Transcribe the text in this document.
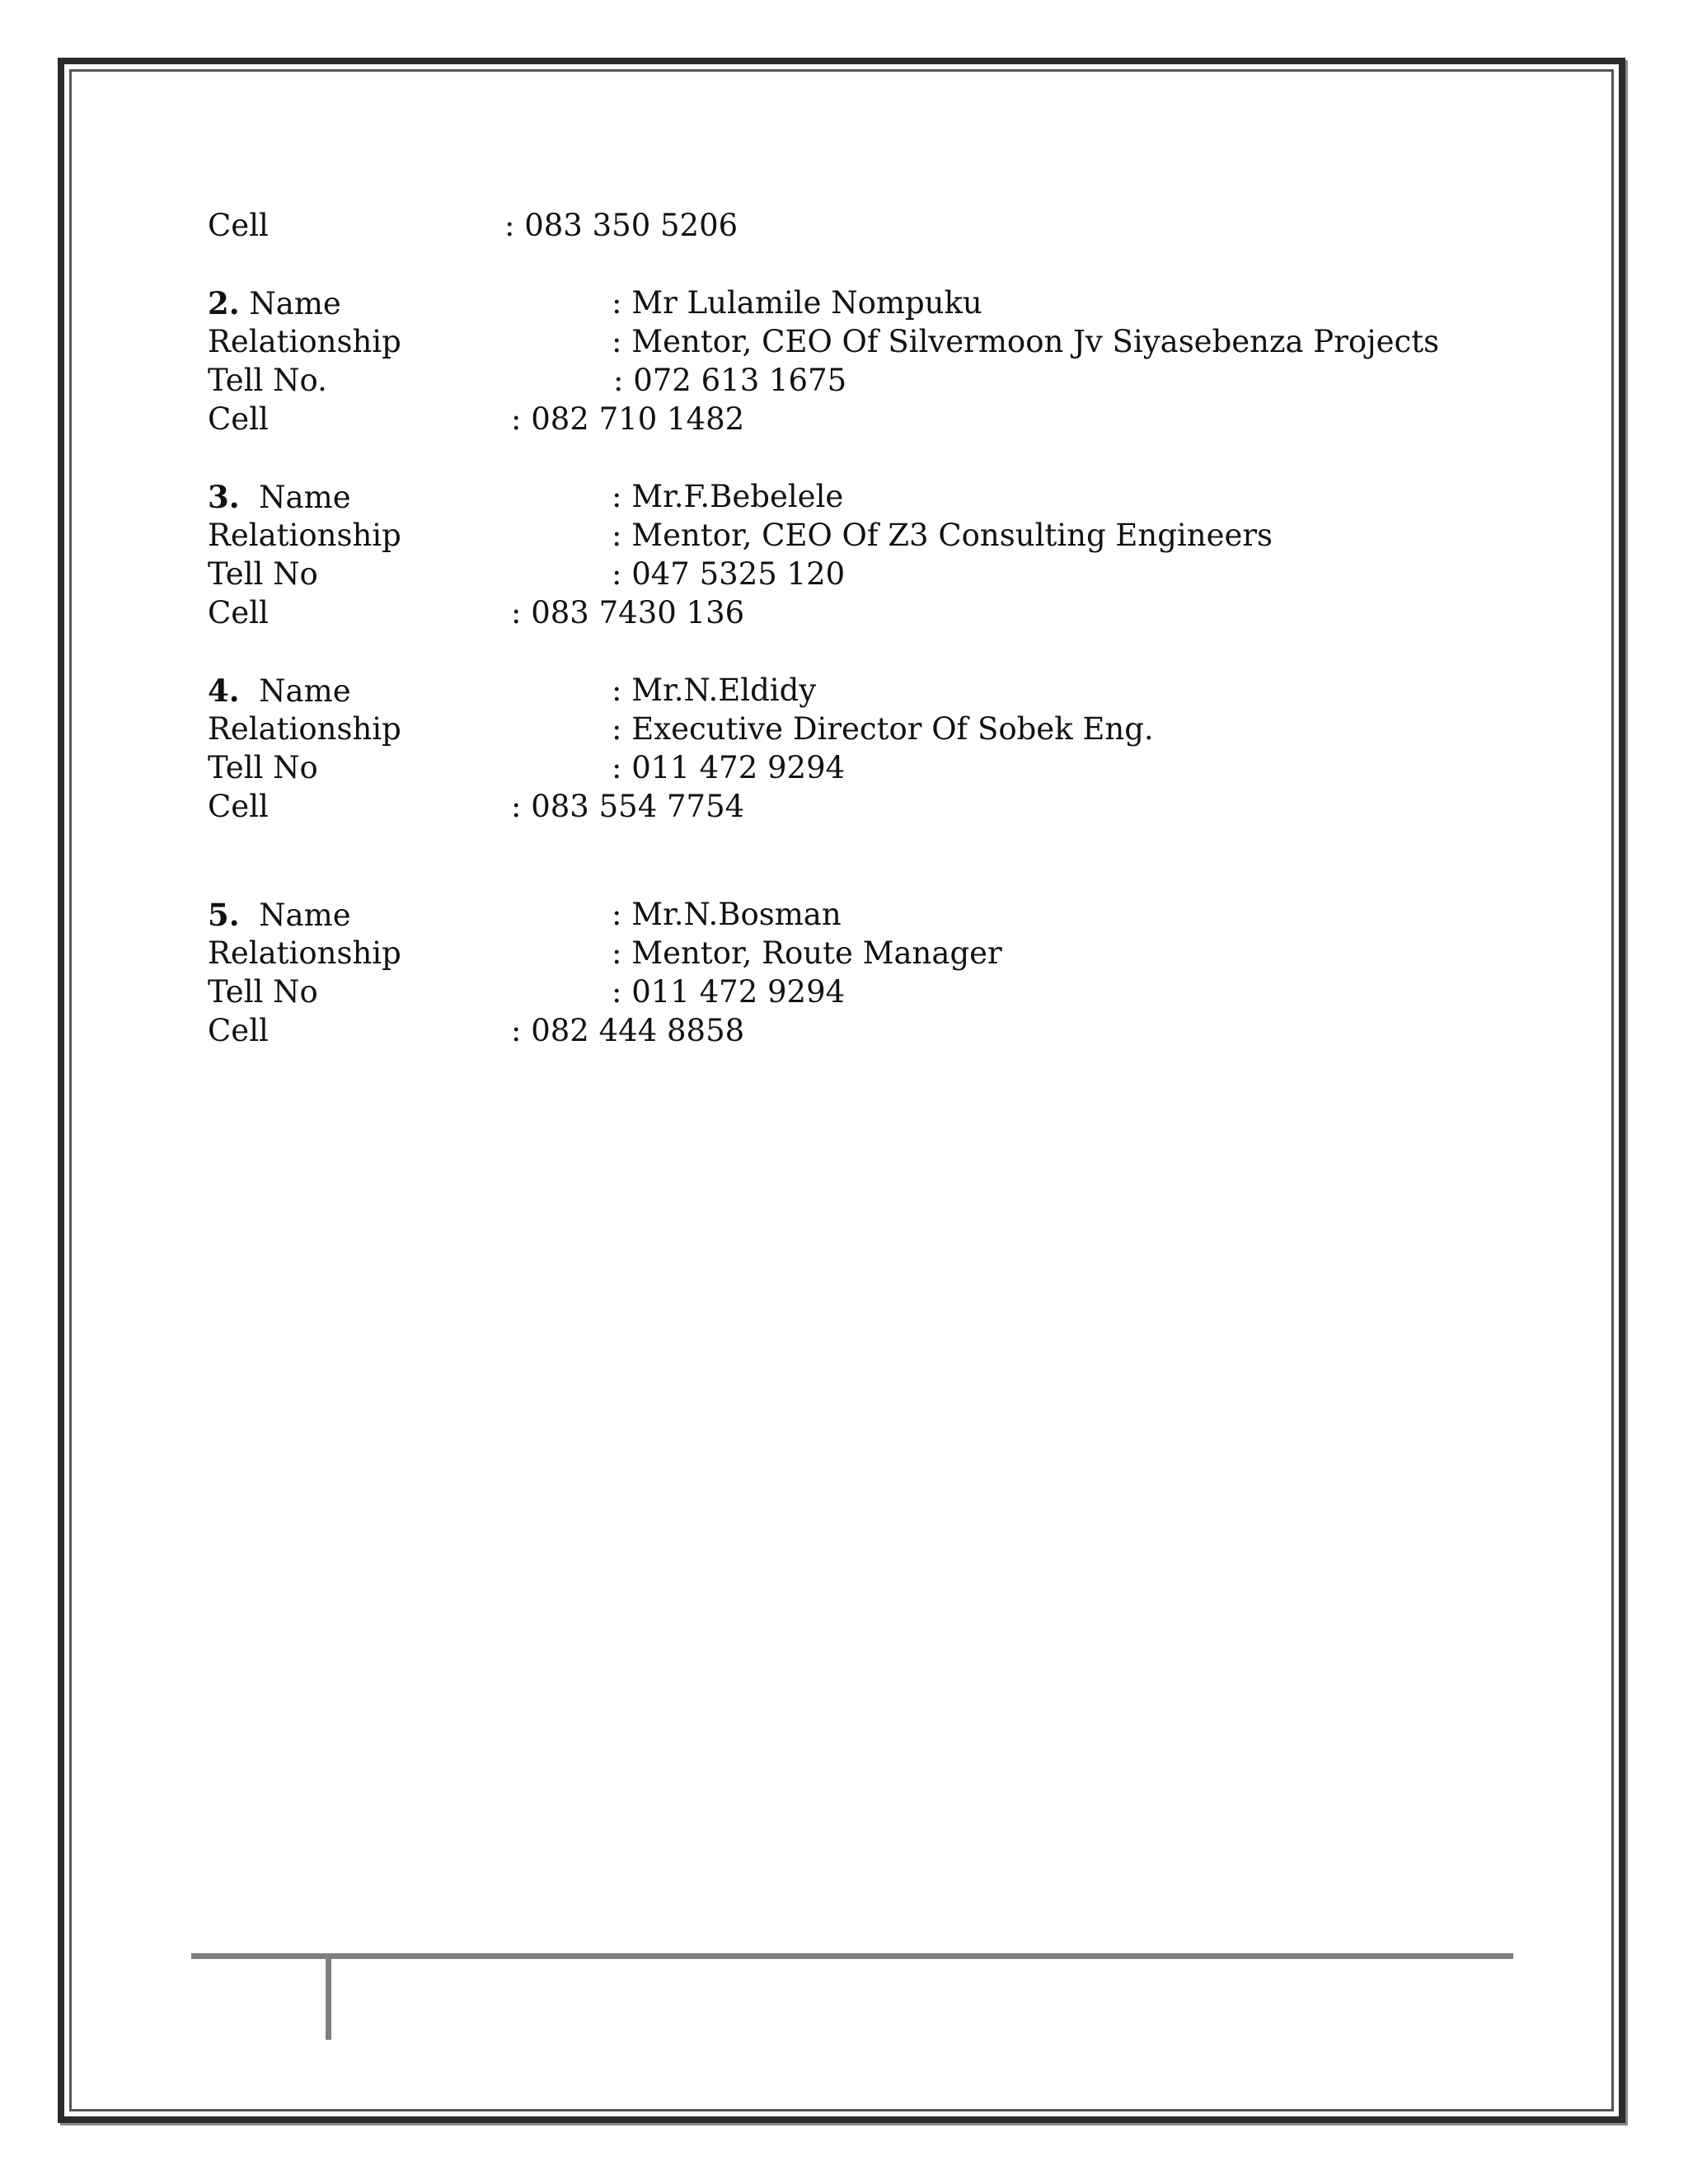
Cell	: 083 350 5206
2. Name	: Mr Lulamile Nompuku
Relationship	: Mentor, CEO Of Silvermoon Jv Siyasebenza Projects
Tell No.	: 072 613 1675
Cell	: 082 710 1482
3. Name	: Mr.F.Bebelele
Relationship	: Mentor, CEO Of Z3 Consulting Engineers
Tell No	: 047 5325 120
Cell	: 083 7430 136
4. Name	: Mr.N.Eldidy
Relationship	: Executive Director Of Sobek Eng.
Tell No	: 011 472 9294
Cell	: 083 554 7754
5. Name	: Mr.N.Bosman
Relationship	: Mentor, Route Manager
Tell No	: 011 472 9294
Cell	: 082 444 8858
